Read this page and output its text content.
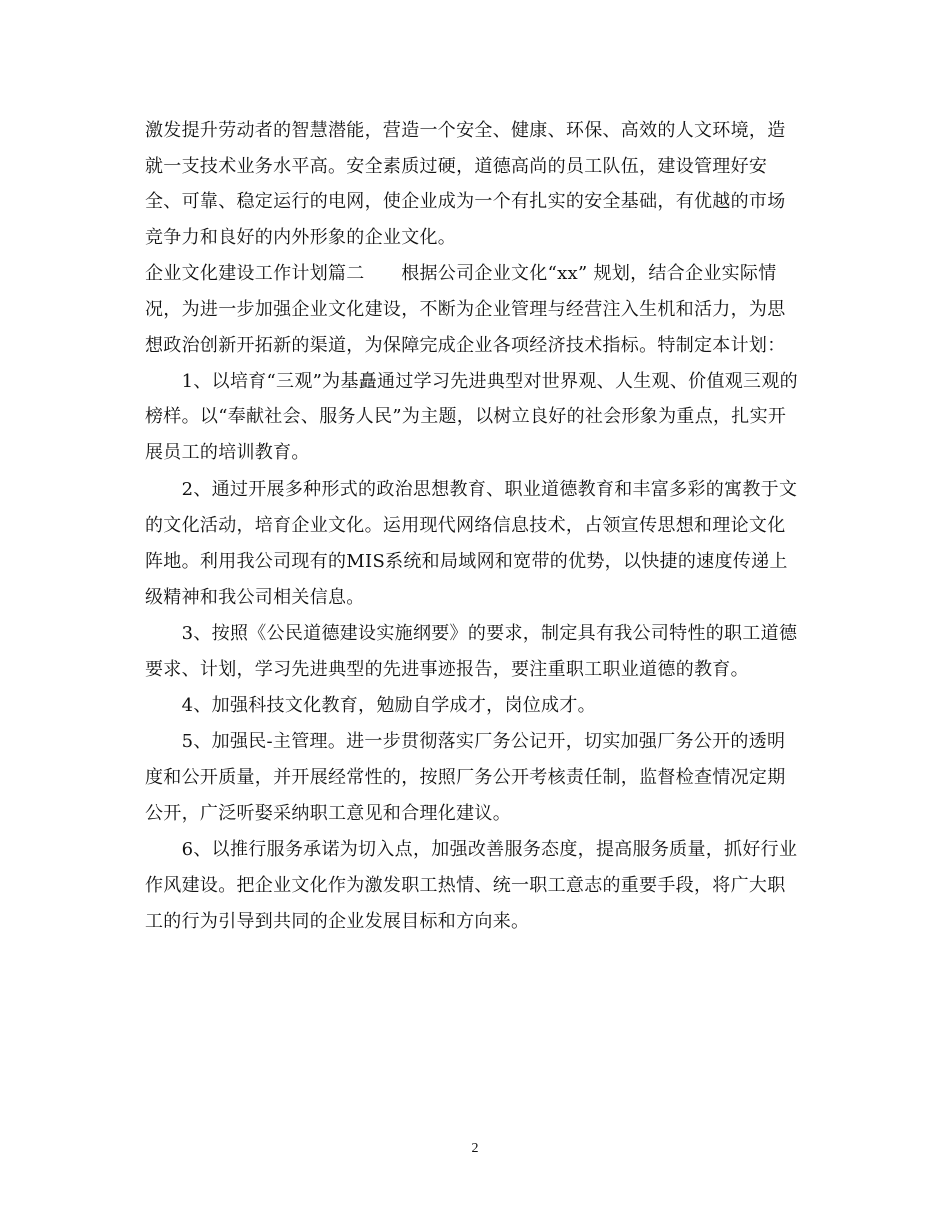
激发提升劳动者的智慧潜能，营造一个安全、健康、环保、高效的人文环境，造
就一支技术业务水平高。安全素质过硬，道德高尚的员工队伍，建设管理好安
全、可靠、稳定运行的电网，使企业成为一个有扎实的安全基础，有优越的市场
竞争力和良好的内外形象的企业文化。
企业文化建设工作计划篇二　　根据公司企业文化“xx” 规划，结合企业实际情
况，为进一步加强企业文化建设，不断为企业管理与经营注入生机和活力，为思
想政治创新开拓新的渠道，为保障完成企业各项经济技术指标。特制定本计划：
　　1、以培育“三观”为基矗通过学习先进典型对世界观、人生观、价值观三观的
榜样。以“奉献社会、服务人民”为主题，以树立良好的社会形象为重点，扎实开
展员工的培训教育。
　　2、通过开展多种形式的政治思想教育、职业道德教育和丰富多彩的寓教于文
的文化活动，培育企业文化。运用现代网络信息技术，占领宣传思想和理论文化
阵地。利用我公司现有的MIS系统和局域网和宽带的优势，以快捷的速度传递上
级精神和我公司相关信息。
　　3、按照《公民道德建设实施纲要》的要求，制定具有我公司特性的职工道德
要求、计划，学习先进典型的先进事迹报告，要注重职工职业道德的教育。
　　4、加强科技文化教育，勉励自学成才，岗位成才。
　　5、加强民-主管理。进一步贯彻落实厂务公记开，切实加强厂务公开的透明
度和公开质量，并开展经常性的，按照厂务公开考核责任制，监督检查情况定期
公开，广泛听娶采纳职工意见和合理化建议。
　　6、以推行服务承诺为切入点，加强改善服务态度，提高服务质量，抓好行业
作风建设。把企业文化作为激发职工热情、统一职工意志的重要手段，将广大职
工的行为引导到共同的企业发展目标和方向来。
2
